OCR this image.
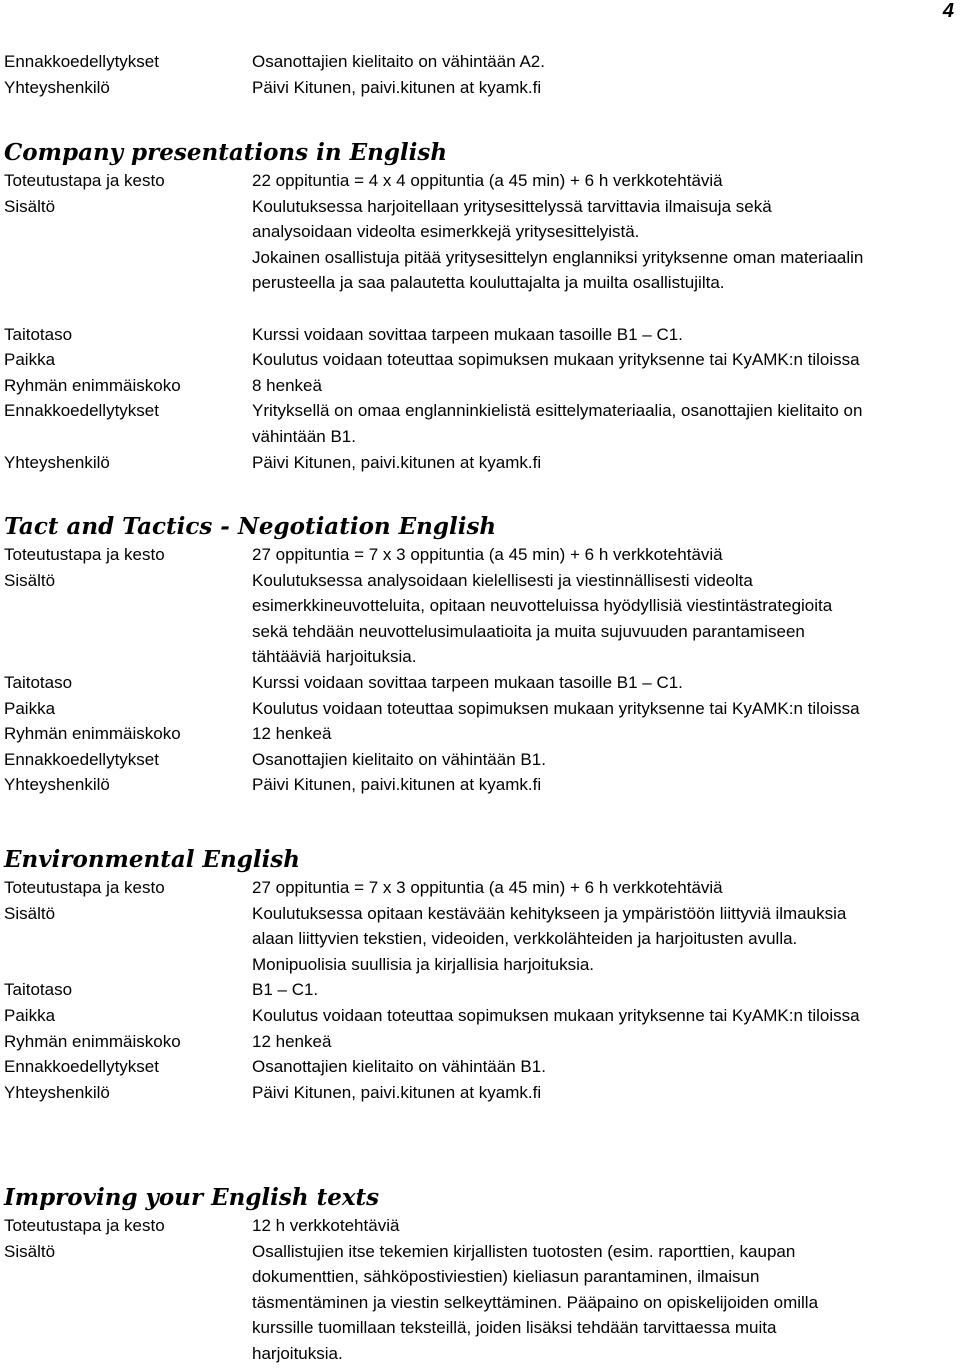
4
Ennakkoedellytykset	Osanottajien kielitaito on vähintään A2.
Yhteyshenkilö	Päivi Kitunen, paivi.kitunen at kyamk.fi
Company presentations in English
Toteutustapa ja kesto	22 oppituntia = 4 x 4 oppituntia (a 45 min) + 6 h verkkotehtäviä
Sisältö	Koulutuksessa harjoitellaan yritysesittelyssä tarvittavia ilmaisuja sekä
analysoidaan videolta esimerkkejä yritysesittelyistä.
Jokainen osallistuja pitää yritysesittelyn englanniksi yrityksenne oman materiaalin
perusteella ja saa palautetta kouluttajalta ja muilta osallistujilta.
Taitotaso	Kurssi voidaan sovittaa tarpeen mukaan tasoille B1 – C1.
Paikka	Koulutus voidaan toteuttaa sopimuksen mukaan yrityksenne tai KyAMK:n tiloissa
Ryhmän enimmäiskoko	8 henkeä
Ennakkoedellytykset	Yrityksellä on omaa englanninkielistä esittelymateriaalia, osanottajien kielitaito on
vähintään B1.
Yhteyshenkilö	Päivi Kitunen, paivi.kitunen at kyamk.fi
Tact and Tactics - Negotiation English
Toteutustapa ja kesto	27 oppituntia = 7 x 3 oppituntia (a 45 min) + 6 h verkkotehtäviä
Sisältö	Koulutuksessa analysoidaan kielellisesti ja viestinnällisesti videolta
esimerkkineuvotteluita, opitaan neuvotteluissa hyödyllisiä viestintästrategioita
sekä tehdään neuvottelusimulaatioita ja muita sujuvuuden parantamiseen
tähtääviä harjoituksia.
Taitotaso	Kurssi voidaan sovittaa tarpeen mukaan tasoille B1 – C1.
Paikka	Koulutus voidaan toteuttaa sopimuksen mukaan yrityksenne tai KyAMK:n tiloissa
Ryhmän enimmäiskoko	12 henkeä
Ennakkoedellytykset	Osanottajien kielitaito on vähintään B1.
Yhteyshenkilö	Päivi Kitunen, paivi.kitunen at kyamk.fi
Environmental English
Toteutustapa ja kesto	27 oppituntia = 7 x 3 oppituntia (a 45 min) + 6 h verkkotehtäviä
Sisältö	Koulutuksessa opitaan kestävään kehitykseen ja ympäristöön liittyviä ilmauksia
alaan liittyvien tekstien, videoiden, verkkolähteiden ja harjoitusten avulla.
Monipuolisia suullisia ja kirjallisia harjoituksia.
Taitotaso	B1 – C1.
Paikka	Koulutus voidaan toteuttaa sopimuksen mukaan yrityksenne tai KyAMK:n tiloissa
Ryhmän enimmäiskoko	12 henkeä
Ennakkoedellytykset	Osanottajien kielitaito on vähintään B1.
Yhteyshenkilö	Päivi Kitunen, paivi.kitunen at kyamk.fi
Improving your English texts
Toteutustapa ja kesto	12 h verkkotehtäviä
Sisältö	Osallistujien itse tekemien kirjallisten tuotosten (esim. raporttien, kaupan
dokumenttien, sähköpostiviestien) kieliasun parantaminen, ilmaisun
täsmentäminen ja viestin selkeyttäminen. Pääpaino on opiskelijoiden omilla
kurssille tuomillaan teksteillä, joiden lisäksi tehdään tarvittaessa muita
harjoituksia.
